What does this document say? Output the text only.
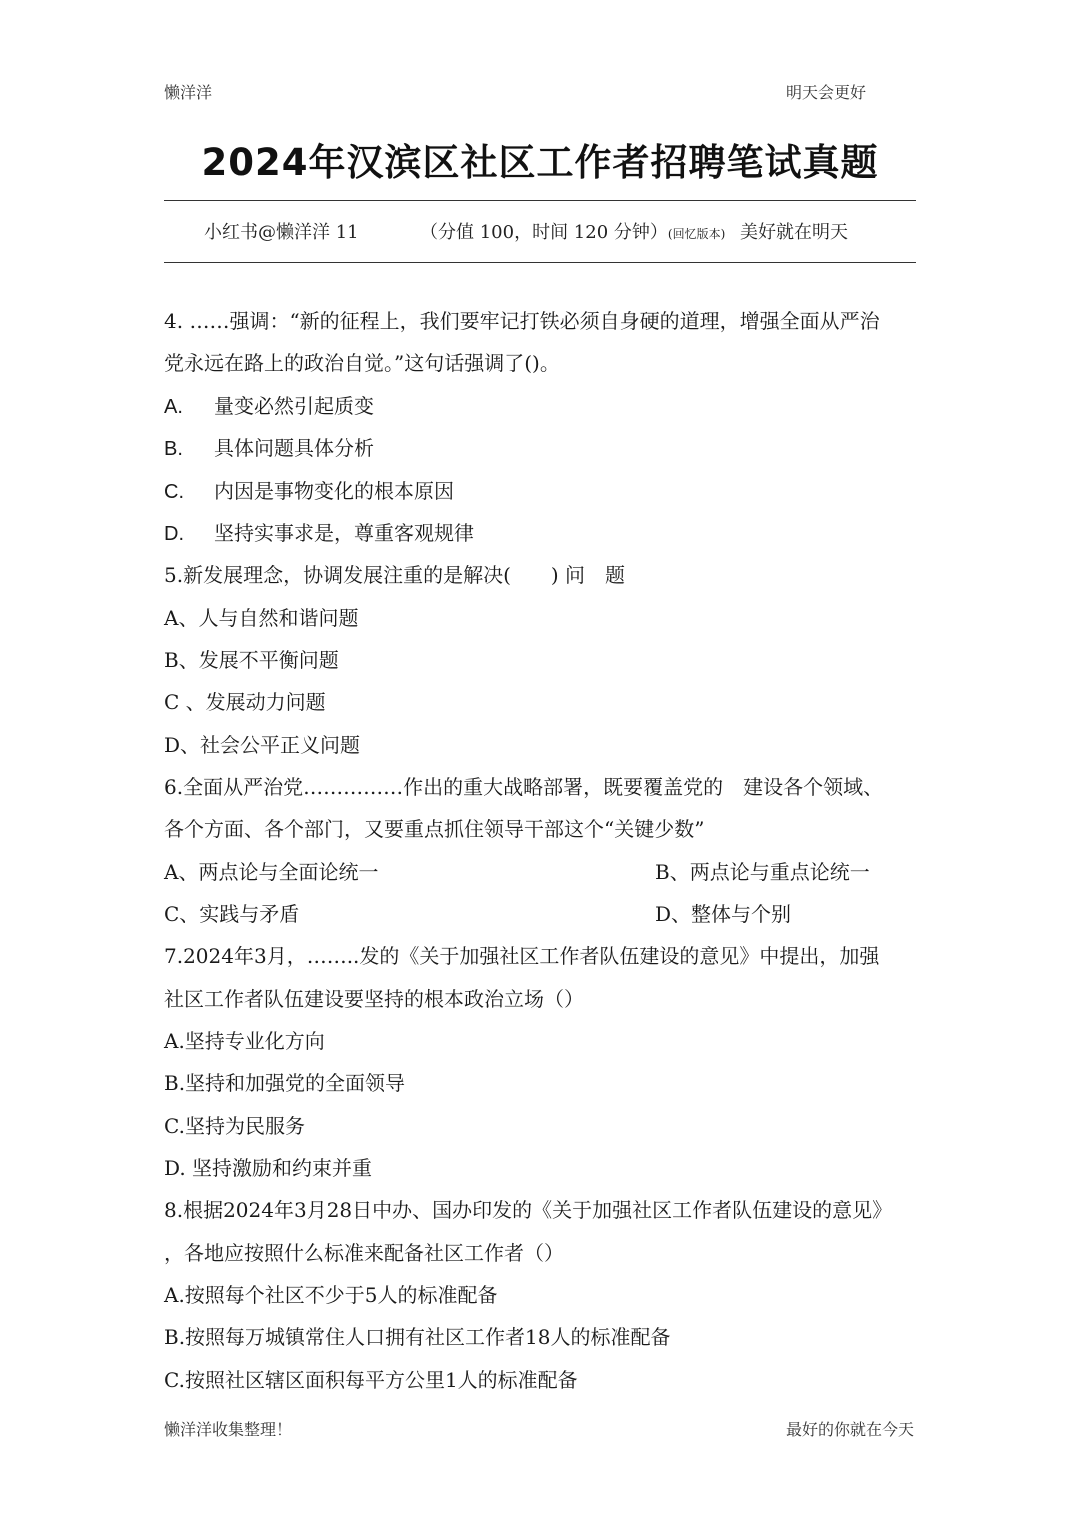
懒洋洋	明天会更好
2024年汉滨区社区工作者招聘笔试真题
小红书@懒洋洋 11	（分值 100，时间 120 分钟）(回忆版本) 美好就在明天
4. ……强调：“新的征程上，我们要牢记打铁必须自身硬的道理，增强全面从严治
党永远在路上的政治自觉。”这句话强调了()。
A. 量变必然引起质变
B. 具体问题具体分析
C. 内因是事物变化的根本原因
D. 坚持实事求是，尊重客观规律
5.新发展理念，协调发展注重的是解决(　　) 问　题
A、人与自然和谐问题
B、发展不平衡问题
C 、发展动力问题
D、社会公平正义问题
6.全面从严治党……………作出的重大战略部署，既要覆盖党的　建设各个领域、
各个方面、各个部门，又要重点抓住领导干部这个“关键少数”
A、两点论与全面论统一	B、两点论与重点论统一
C、实践与矛盾	D、整体与个别
7.2024年3月，……..发的《关于加强社区工作者队伍建设的意见》中提出，加强
社区工作者队伍建设要坚持的根本政治立场（）
A.坚持专业化方向
B.坚持和加强党的全面领导
C.坚持为民服务
D. 坚持激励和约束并重
8.根据2024年3月28日中办、国办印发的《关于加强社区工作者队伍建设的意见》
，各地应按照什么标准来配备社区工作者（）
A.按照每个社区不少于5人的标准配备
B.按照每万城镇常住人口拥有社区工作者18人的标准配备
C.按照社区辖区面积每平方公里1人的标准配备
懒洋洋收集整理！	最好的你就在今天
